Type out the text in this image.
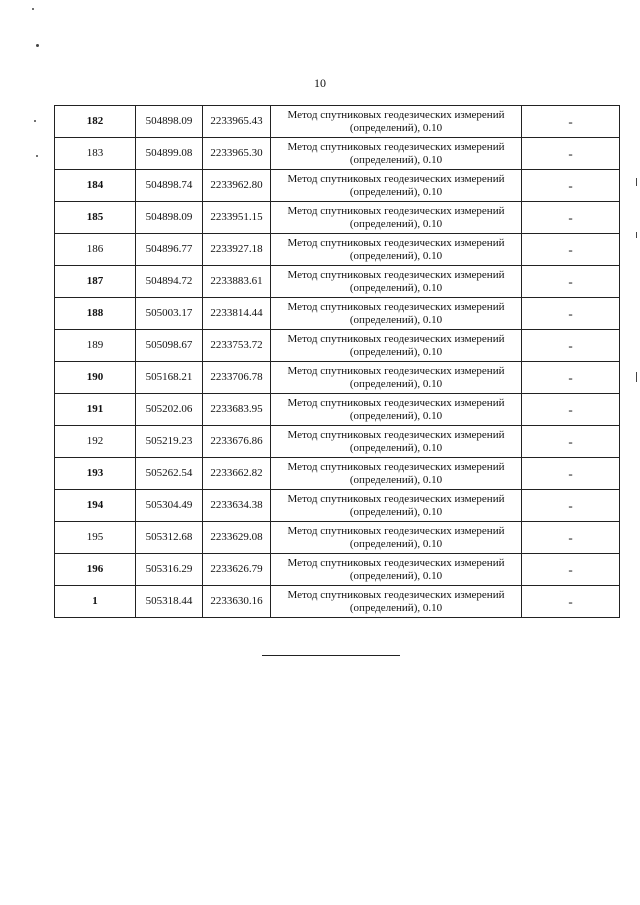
10
182	504898.09	2233965.43	Метод спутниковых геодезических измерений (определений), 0.10	-
183	504899.08	2233965.30	Метод спутниковых геодезических измерений (определений), 0.10	-
184	504898.74	2233962.80	Метод спутниковых геодезических измерений (определений), 0.10	-
185	504898.09	2233951.15	Метод спутниковых геодезических измерений (определений), 0.10	-
186	504896.77	2233927.18	Метод спутниковых геодезических измерений (определений), 0.10	-
187	504894.72	2233883.61	Метод спутниковых геодезических измерений (определений), 0.10	-
188	505003.17	2233814.44	Метод спутниковых геодезических измерений (определений), 0.10	-
189	505098.67	2233753.72	Метод спутниковых геодезических измерений (определений), 0.10	-
190	505168.21	2233706.78	Метод спутниковых геодезических измерений (определений), 0.10	-
191	505202.06	2233683.95	Метод спутниковых геодезических измерений (определений), 0.10	-
192	505219.23	2233676.86	Метод спутниковых геодезических измерений (определений), 0.10	-
193	505262.54	2233662.82	Метод спутниковых геодезических измерений (определений), 0.10	-
194	505304.49	2233634.38	Метод спутниковых геодезических измерений (определений), 0.10	-
195	505312.68	2233629.08	Метод спутниковых геодезических измерений (определений), 0.10	-
196	505316.29	2233626.79	Метод спутниковых геодезических измерений (определений), 0.10	-
1	505318.44	2233630.16	Метод спутниковых геодезических измерений (определений), 0.10	-
